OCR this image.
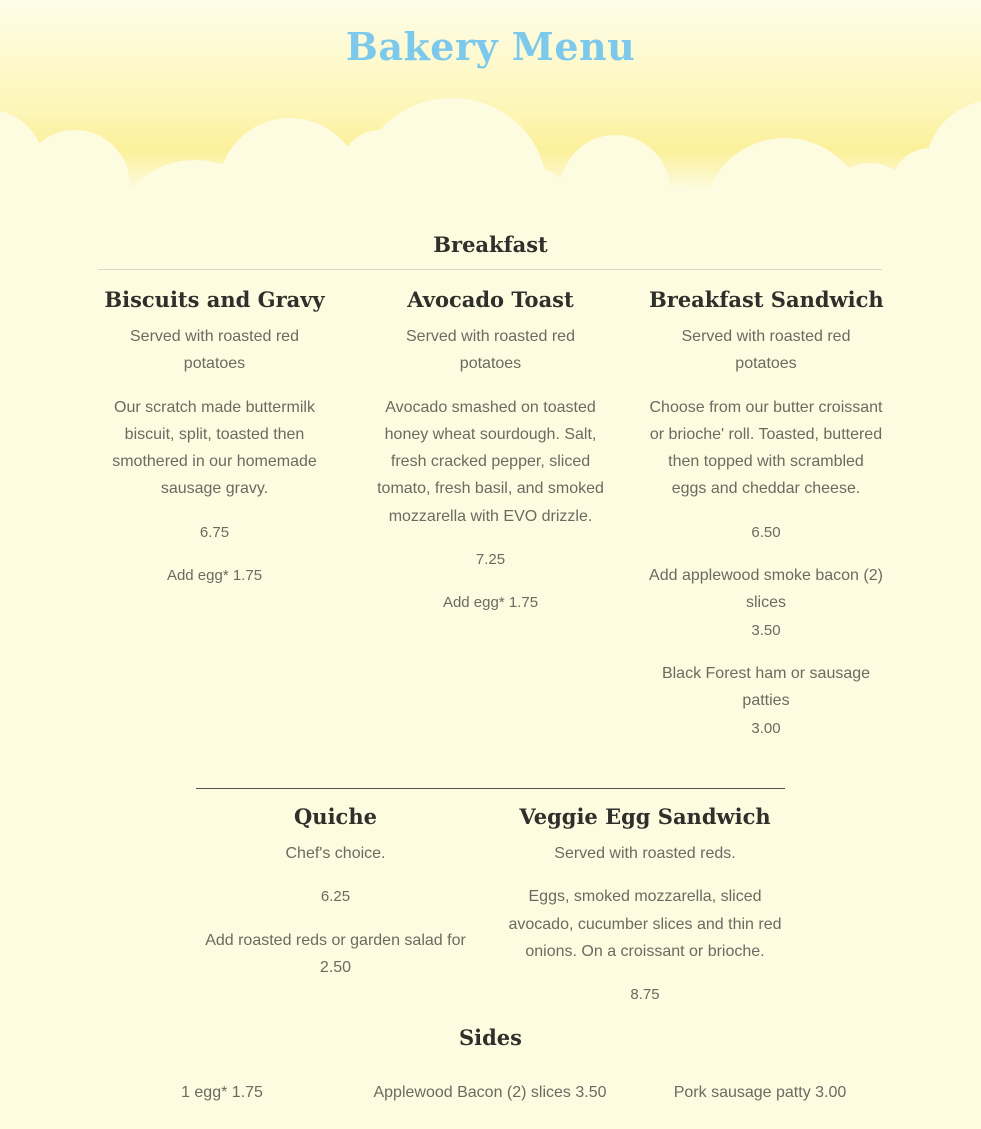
Bakery Menu
Breakfast
Biscuits and Gravy

Served with roasted red potatoes

Our scratch made buttermilk biscuit, split, toasted then smothered in our homemade sausage gravy.

6.75

Add egg* 1.75

Avocado Toast

Served with roasted red potatoes

Avocado smashed on toasted honey wheat sourdough. Salt, fresh cracked pepper, sliced tomato, fresh basil, and smoked mozzarella with EVO drizzle.

7.25

Add egg* 1.75

Breakfast Sandwich

Served with roasted red potatoes

Choose from our butter croissant or brioche' roll. Toasted, buttered then topped with scrambled eggs and cheddar cheese.

6.50

Add applewood smoke bacon (2) slices

3.50

Black Forest ham or sausage patties

3.00

Quiche

Chef's choice.

6.25

Add roasted reds or garden salad for 2.50

Veggie Egg Sandwich

Served with roasted reds.

Eggs, smoked mozzarella, sliced avocado, cucumber slices and thin red onions. On a croissant or brioche.

8.75

Sides
1 egg* 1.75	Applewood Bacon (2) slices 3.50	Pork sausage patty 3.00
